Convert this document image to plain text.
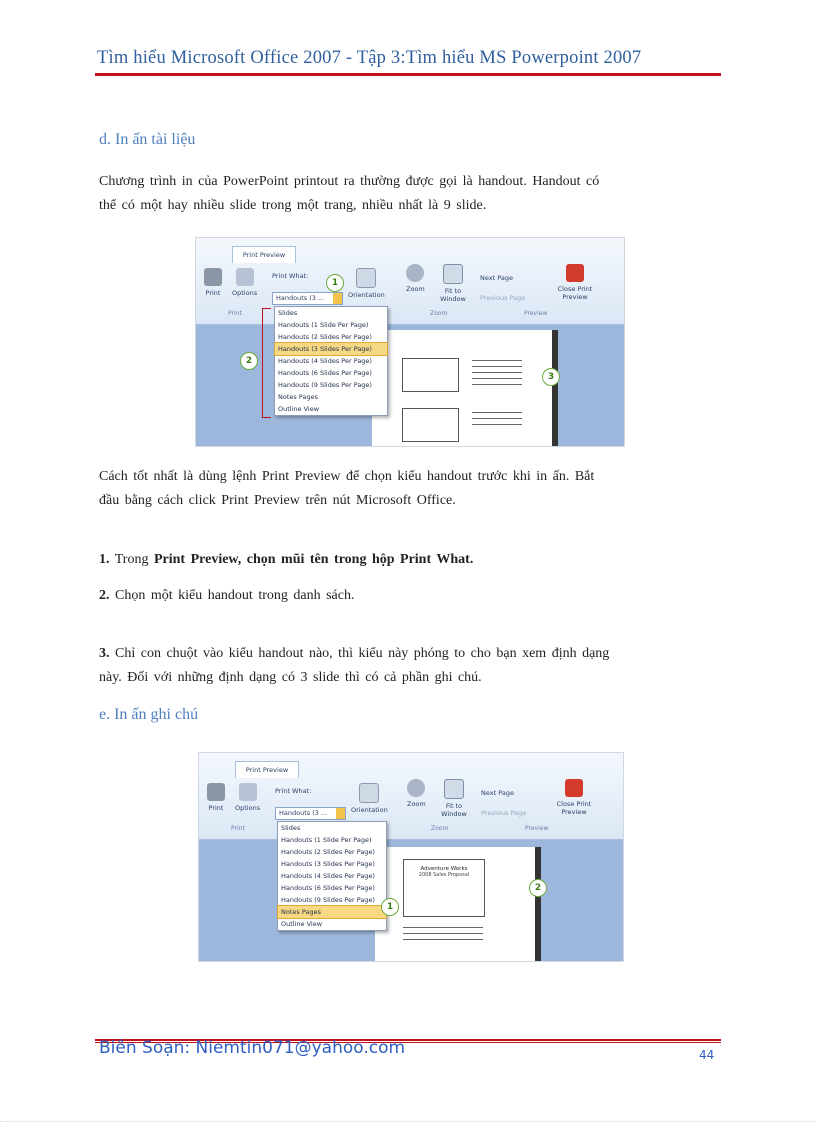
Tìm hiểu Microsoft Office 2007 - Tập 3:Tìm hiểu MS Powerpoint 2007
d. In ấn tài liệu
Chương trình in của PowerPoint printout ra thường được gọi là handout. Handout có
thể có một hay nhiều slide trong một trang, nhiều nhất là 9 slide.
Print Preview
Print Options
Print What:
Handouts (3 ...	Orientation
Zoom	Fit to Window
Next Page
Previous Page
Close Print Preview
Print	Zoom	Preview
Slides
Handouts (1 Slide Per Page)
Handouts (2 Slides Per Page)
Handouts (3 Slides Per Page)
Handouts (4 Slides Per Page)
Handouts (6 Slides Per Page)
Handouts (9 Slides Per Page)
Notes Pages
Outline View
1
2
3
Cách tốt nhất là dùng lệnh Print Preview để chọn kiểu handout trước khi in ấn. Bắt
đầu bằng cách click Print Preview trên nút Microsoft Office.
1. Trong Print Preview, chọn mũi tên trong hộp Print What.
2. Chọn một kiểu handout trong danh sách.
3. Chỉ con chuột vào kiểu handout nào, thì kiểu này phóng to cho bạn xem định dạng
này. Đối với những định dạng có 3 slide thì có cả phần ghi chú.
e. In ấn ghi chú
Print Preview
Print Options
Print What:
Handouts (3 ...	Orientation
Zoom	Fit to Window
Next Page
Previous Page
Close Print Preview
Print	Zoom	Preview
Adventure Works
2008 Sales Proposal
Slides
Handouts (1 Slide Per Page)
Handouts (2 Slides Per Page)
Handouts (3 Slides Per Page)
Handouts (4 Slides Per Page)
Handouts (6 Slides Per Page)
Handouts (9 Slides Per Page)
Notes Pages
Outline View
1
2
Biên Soạn: Niemtin071@yahoo.com	44
